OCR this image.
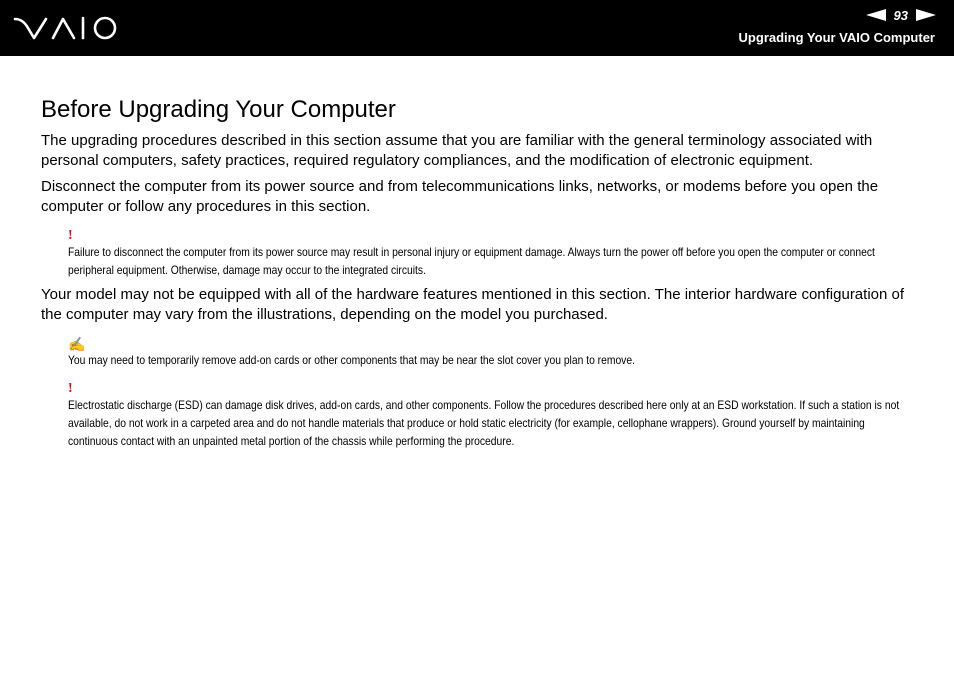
93
Upgrading Your VAIO Computer
Before Upgrading Your Computer

The upgrading procedures described in this section assume that you are familiar with the general terminology associated with personal computers, safety practices, required regulatory compliances, and the modification of electronic equipment.

Disconnect the computer from its power source and from telecommunications links, networks, or modems before you open the computer or follow any procedures in this section.

!
Failure to disconnect the computer from its power source may result in personal injury or equipment damage. Always turn the power off before you open the computer or connect peripheral equipment. Otherwise, damage may occur to the integrated circuits.

Your model may not be equipped with all of the hardware features mentioned in this section. The interior hardware configuration of the computer may vary from the illustrations, depending on the model you purchased.

✍
You may need to temporarily remove add-on cards or other components that may be near the slot cover you plan to remove.
!
Electrostatic discharge (ESD) can damage disk drives, add-on cards, and other components. Follow the procedures described here only at an ESD workstation. If such a station is not available, do not work in a carpeted area and do not handle materials that produce or hold static electricity (for example, cellophane wrappers). Ground yourself by maintaining continuous contact with an unpainted metal portion of the chassis while performing the procedure.
